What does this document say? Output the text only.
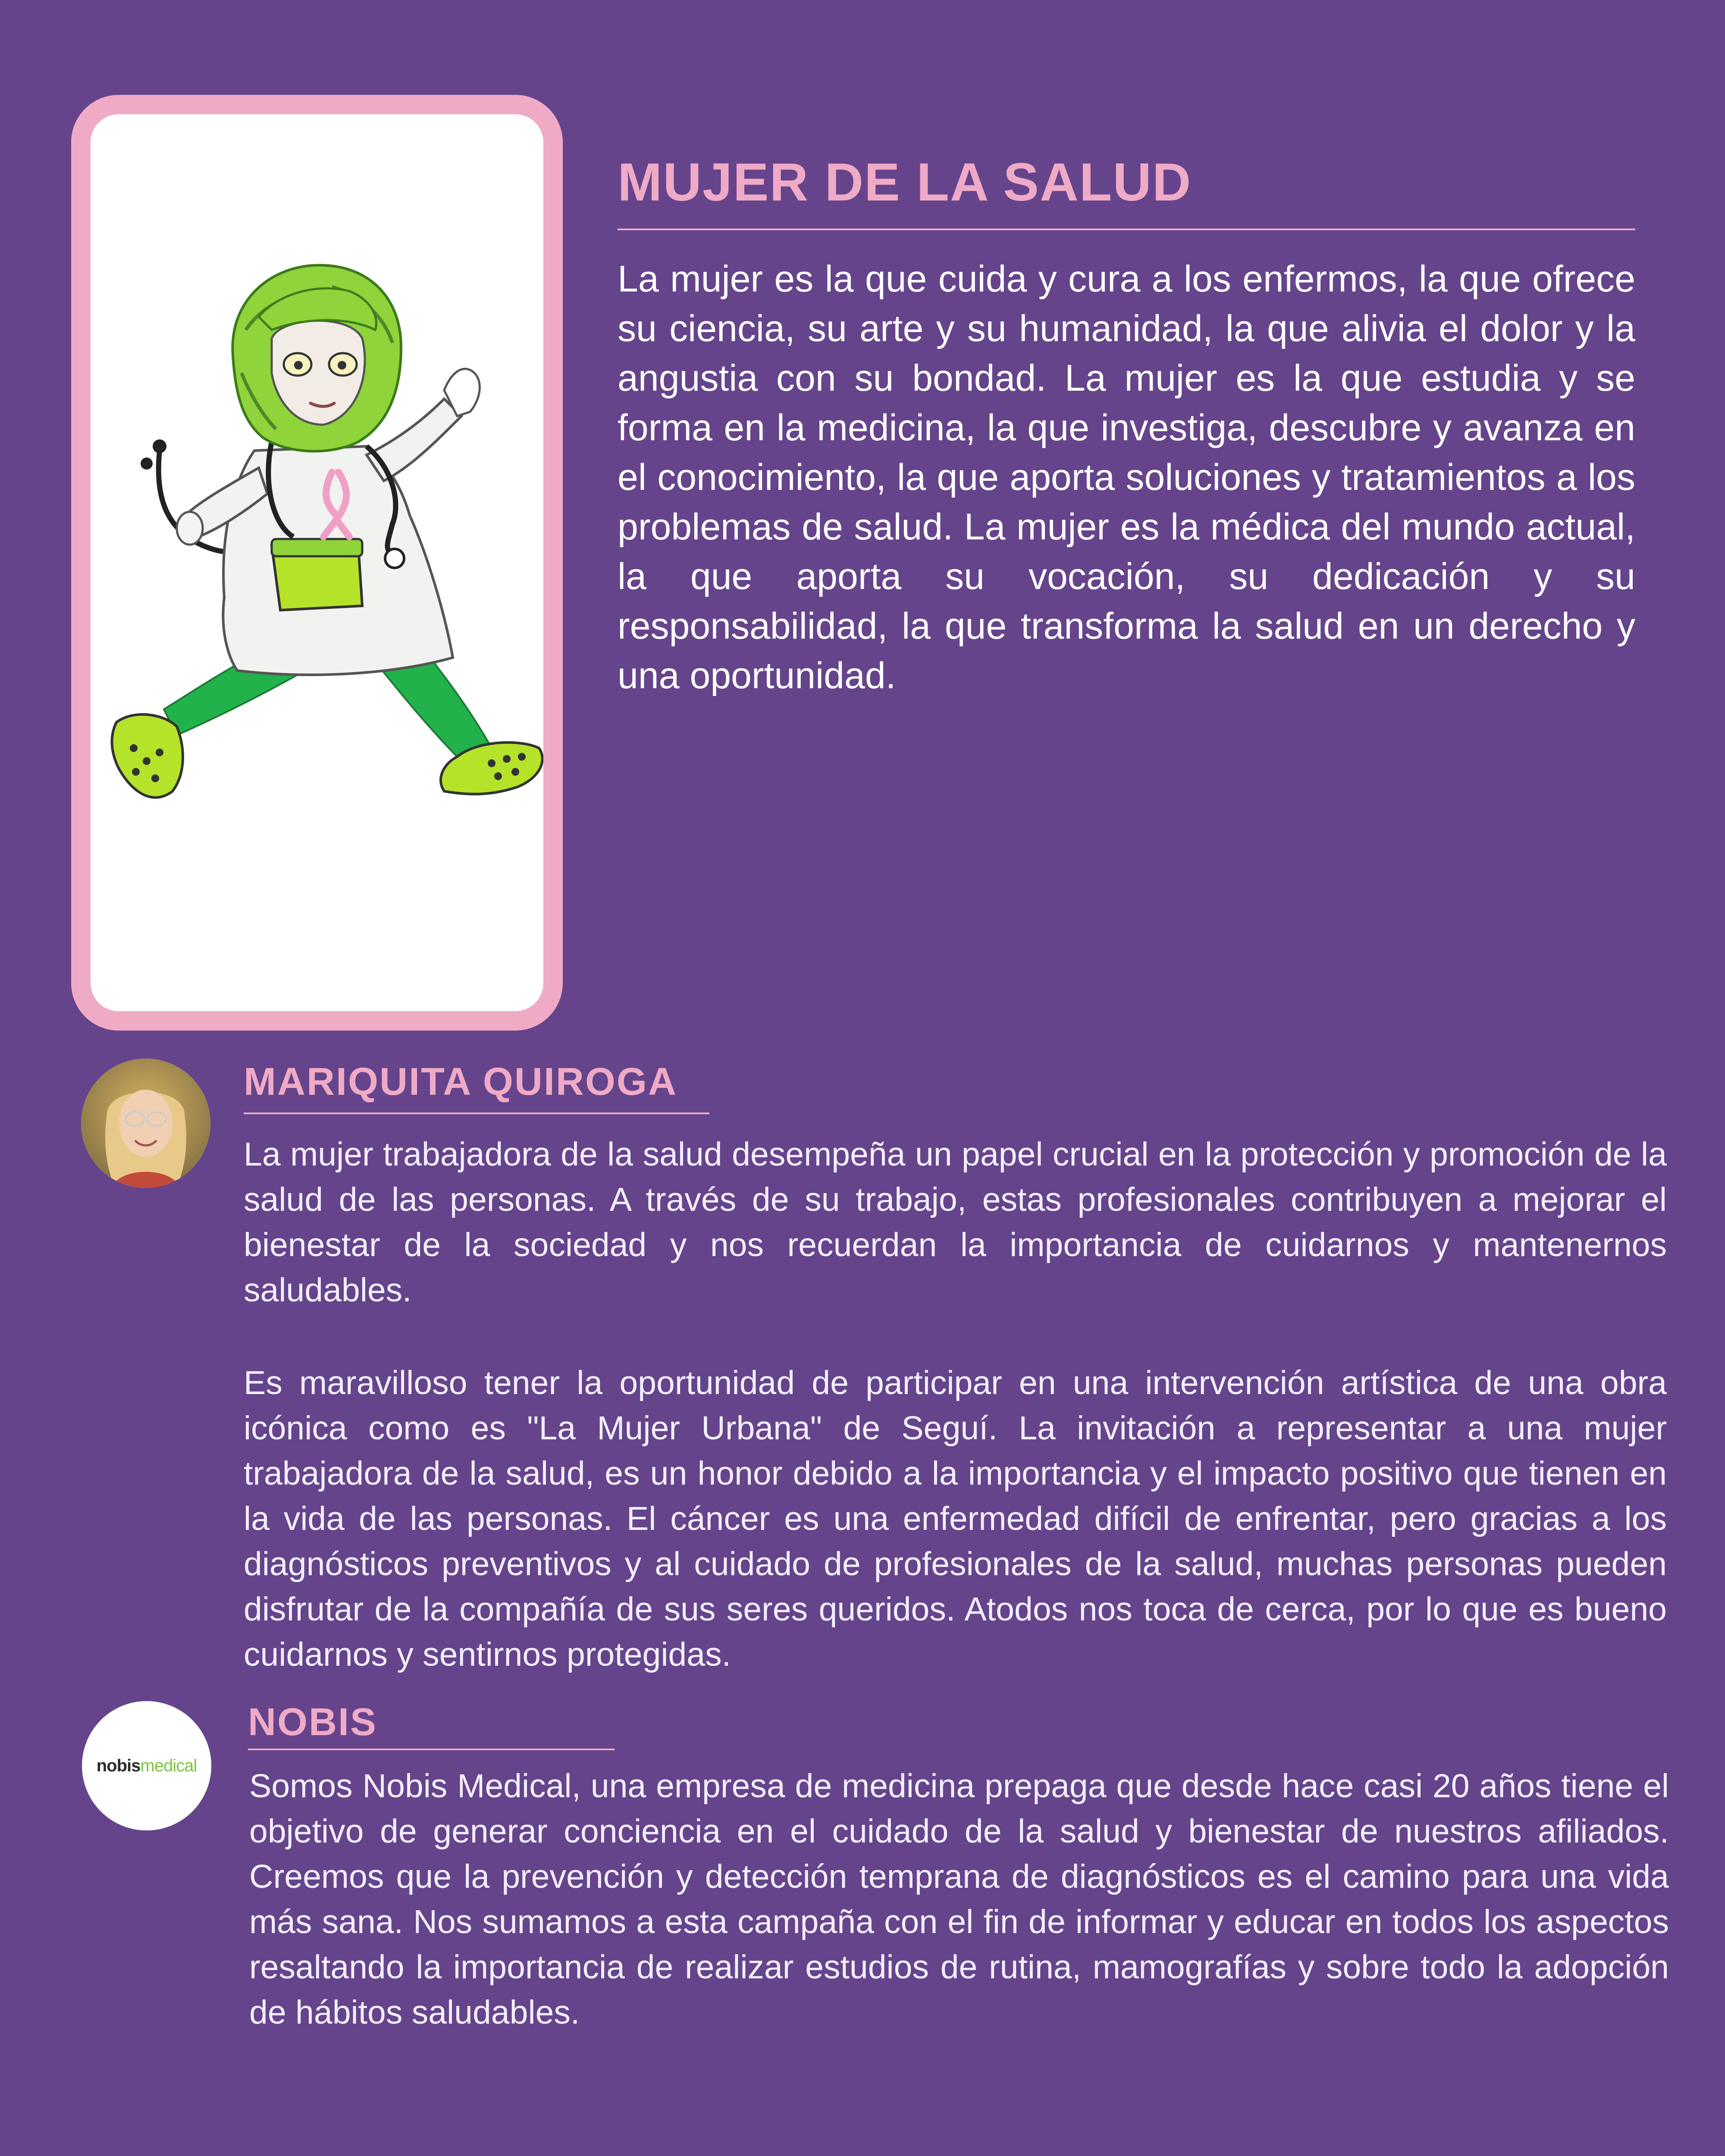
MUJER DE LA SALUD

La mujer es la que cuida y cura a los enfermos, la que ofrece su ciencia, su arte y su humanidad, la que alivia el dolor y la angustia con su bondad. La mujer es la que estudia y se forma en la medicina, la que investiga, descubre y avanza en el conocimiento, la que aporta soluciones y tratamientos a los problemas de salud. La mujer es la médica del mundo actual, la que aporta su vocación, su dedicación y su responsabilidad, la que transforma la salud en un derecho y una oportunidad.

MARIQUITA QUIROGA

La mujer trabajadora de la salud desempeña un papel crucial en la protección y promoción de la salud de las personas. A través de su trabajo, estas profesionales contribuyen a mejorar el bienestar de la sociedad y nos recuerdan la importancia de cuidarnos y mantenernos saludables.

Es maravilloso tener la oportunidad de participar en una intervención artística de una obra icónica como es "La Mujer Urbana" de Seguí. La invitación a representar a una mujer trabajadora de la salud, es un honor debido a la importancia y el impacto positivo que tienen en la vida de las personas. El cáncer es una enfermedad difícil de enfrentar, pero gracias a los diagnósticos preventivos y al cuidado de profesionales de la salud, muchas personas pueden disfrutar de la compañía de sus seres queridos. Atodos nos toca de cerca, por lo que es bueno cuidarnos y sentirnos protegidas.

nobismedical
NOBIS

Somos Nobis Medical, una empresa de medicina prepaga que desde hace casi 20 años tiene el objetivo de generar conciencia en el cuidado de la salud y bienestar de nuestros afiliados. Creemos que la prevención y detección temprana de diagnósticos es el camino para una vida más sana. Nos sumamos a esta campaña con el fin de informar y educar en todos los aspectos resaltando la importancia de realizar estudios de rutina, mamografías y sobre todo la adopción de hábitos saludables.
